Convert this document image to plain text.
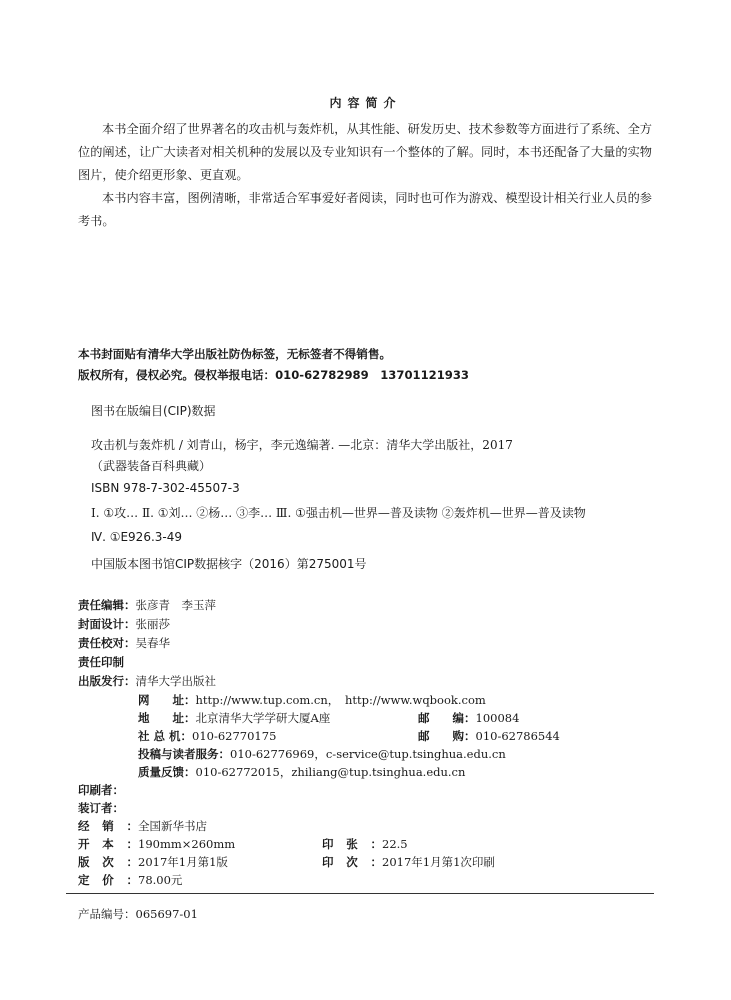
内容简介
本书全面介绍了世界著名的攻击机与轰炸机，从其性能、研发历史、技术参数等方面进行了系统、全方位的阐述，让广大读者对相关机种的发展以及专业知识有一个整体的了解。同时，本书还配备了大量的实物图片，使介绍更形象、更直观。
本书内容丰富，图例清晰，非常适合军事爱好者阅读，同时也可作为游戏、模型设计相关行业人员的参考书。
本书封面贴有清华大学出版社防伪标签，无标签者不得销售。
版权所有，侵权必究。侵权举报电话：010-62782989　13701121933
图书在版编目(CIP)数据
攻击机与轰炸机 / 刘青山，杨宇，李元逸编著. —北京：清华大学出版社，2017
（武器装备百科典藏）
ISBN 978-7-302-45507-3
Ⅰ. ①攻… Ⅱ. ①刘… ②杨… ③李… Ⅲ. ①强击机—世界—普及读物 ②轰炸机—世界—普及读物
Ⅳ. ①E926.3-49
中国版本图书馆CIP数据核字（2016）第275001号
责任编辑：张彦青　李玉萍
封面设计：张丽莎
责任校对：吴春华
责任印制
出版发行：清华大学出版社
网　　址：http://www.tup.com.cn，　http://www.wqbook.com
地　　址：北京清华大学学研大厦A座	邮　　编：100084
社 总 机：010-62770175	邮　　购：010-62786544
投稿与读者服务：010-62776969，c-service@tup.tsinghua.edu.cn
质量反馈：010-62772015，zhiliang@tup.tsinghua.edu.cn
印刷者：
装订者：
经销：全国新华书店
开本：190mm×260mm	印张：22.5
版次：2017年1月第1版	印次：2017年1月第1次印刷
定价：78.00元
产品编号：065697-01
